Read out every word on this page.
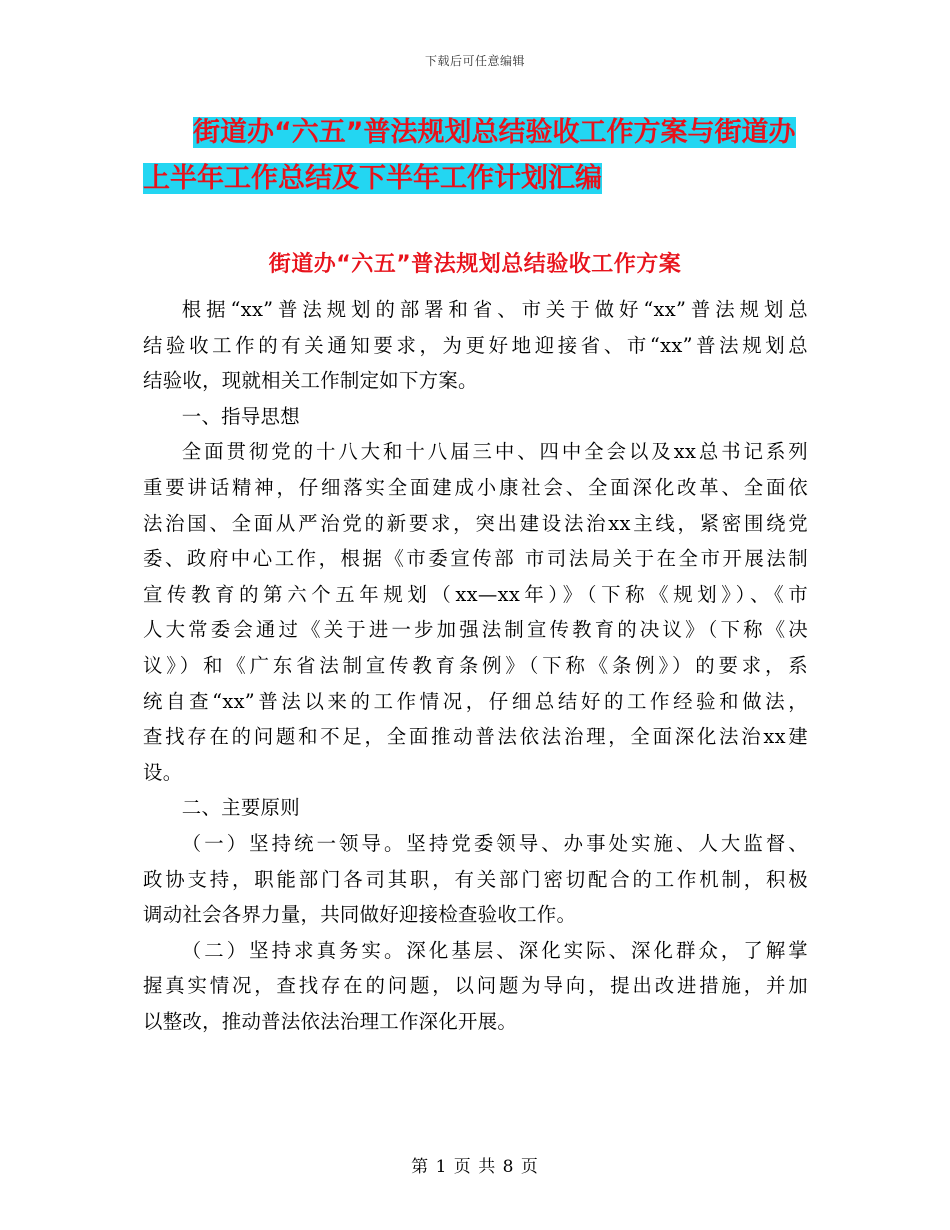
下载后可任意编辑
街道办“六五”普法规划总结验收工作方案与街道办
上半年工作总结及下半年工作计划汇编
街道办“六五”普法规划总结验收工作方案
根据“xx”普法规划的部署和省、市关于做好“xx”普法规划总
结验收工作的有关通知要求，为更好地迎接省、市“xx”普法规划总
结验收，现就相关工作制定如下方案。
一、指导思想
全面贯彻党的十八大和十八届三中、四中全会以及xx总书记系列
重要讲话精神，仔细落实全面建成小康社会、全面深化改革、全面依
法治国、全面从严治党的新要求，突出建设法治xx主线，紧密围绕党
委、政府中心工作，根据《市委宣传部 市司法局关于在全市开展法制
宣传教育的第六个五年规划（xx—xx年）》（下称《规划》）、《市
人大常委会通过《关于进一步加强法制宣传教育的决议》（下称《决
议》）和《广东省法制宣传教育条例》（下称《条例》）的要求，系
统自查“xx”普法以来的工作情况，仔细总结好的工作经验和做法，
查找存在的问题和不足，全面推动普法依法治理，全面深化法治xx建
设。
二、主要原则
（一）坚持统一领导。坚持党委领导、办事处实施、人大监督、
政协支持，职能部门各司其职，有关部门密切配合的工作机制，积极
调动社会各界力量，共同做好迎接检查验收工作。
（二）坚持求真务实。深化基层、深化实际、深化群众，了解掌
握真实情况，查找存在的问题，以问题为导向，提出改进措施，并加
以整改，推动普法依法治理工作深化开展。
第 1 页 共 8 页
